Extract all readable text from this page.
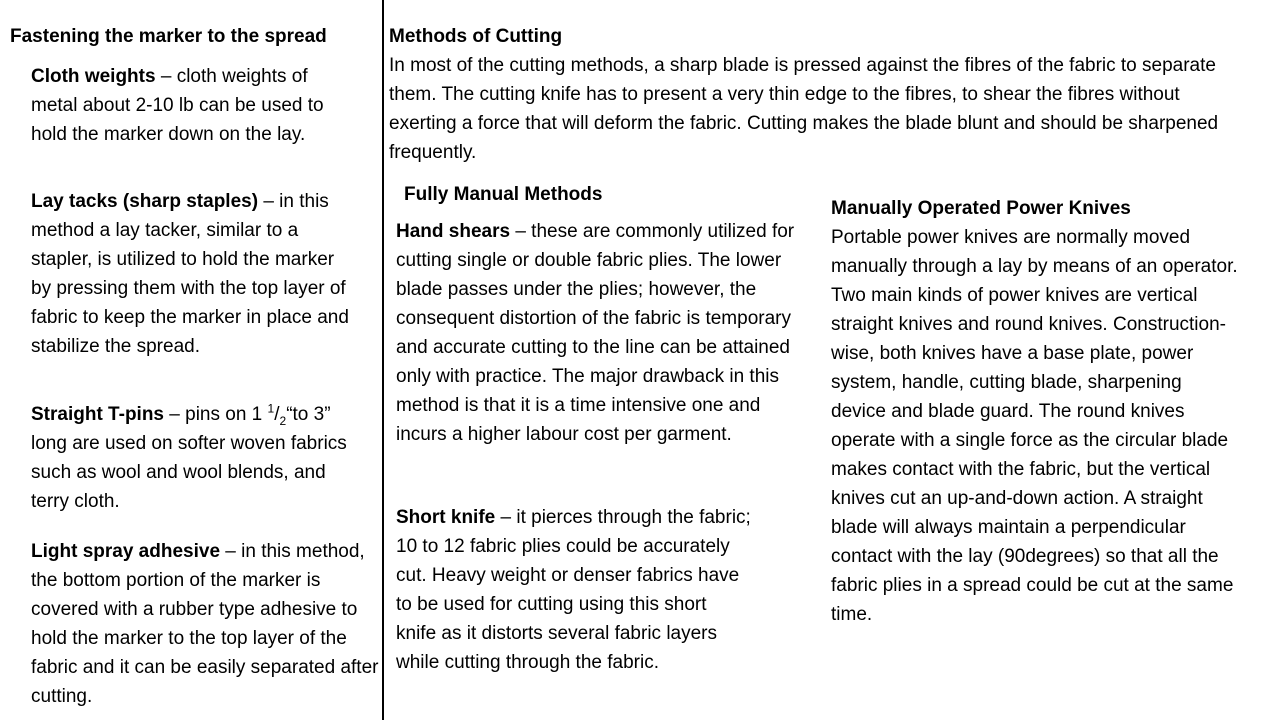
Fastening the marker to the spread

Cloth weights – cloth weights of metal about 2-10 lb can be used to hold the marker down on the lay.

Lay tacks (sharp staples) – in this method a lay tacker, similar to a stapler, is utilized to hold the marker by pressing them with the top layer of fabric to keep the marker in place and stabilize the spread.

Straight T-pins – pins on 1 $^1/_2“to$ 3” long are used on softer woven fabrics such as wool and wool blends, and terry cloth.

Light spray adhesive – in this method, the bottom portion of the marker is covered with a rubber type adhesive to hold the marker to the top layer of the fabric and it can be easily separated after cutting.

Methods of Cutting

In most of the cutting methods, a sharp blade is pressed against the fibres of the fabric to separate them. The cutting knife has to present a very thin edge to the fibres, to shear the fibres without exerting a force that will deform the fabric. Cutting makes the blade blunt and should be sharpened frequently.

Fully Manual Methods

Hand shears – these are commonly utilized for cutting single or double fabric plies. The lower blade passes under the plies; however, the consequent distortion of the fabric is temporary and accurate cutting to the line can be attained only with practice. The major drawback in this method is that it is a time intensive one and incurs a higher labour cost per garment.

Short knife – it pierces through the fabric; 10 to 12 fabric plies could be accurately cut. Heavy weight or denser fabrics have to be used for cutting using this short knife as it distorts several fabric layers while cutting through the fabric.

Manually Operated Power Knives

Portable power knives are normally moved manually through a lay by means of an operator. Two main kinds of power knives are vertical straight knives and round knives. Construction-wise, both knives have a base plate, power system, handle, cutting blade, sharpening device and blade guard. The round knives operate with a single force as the circular blade makes contact with the fabric, but the vertical knives cut an up-and-down action. A straight blade will always maintain a perpendicular contact with the lay (90degrees) so that all the fabric plies in a spread could be cut at the same time.
